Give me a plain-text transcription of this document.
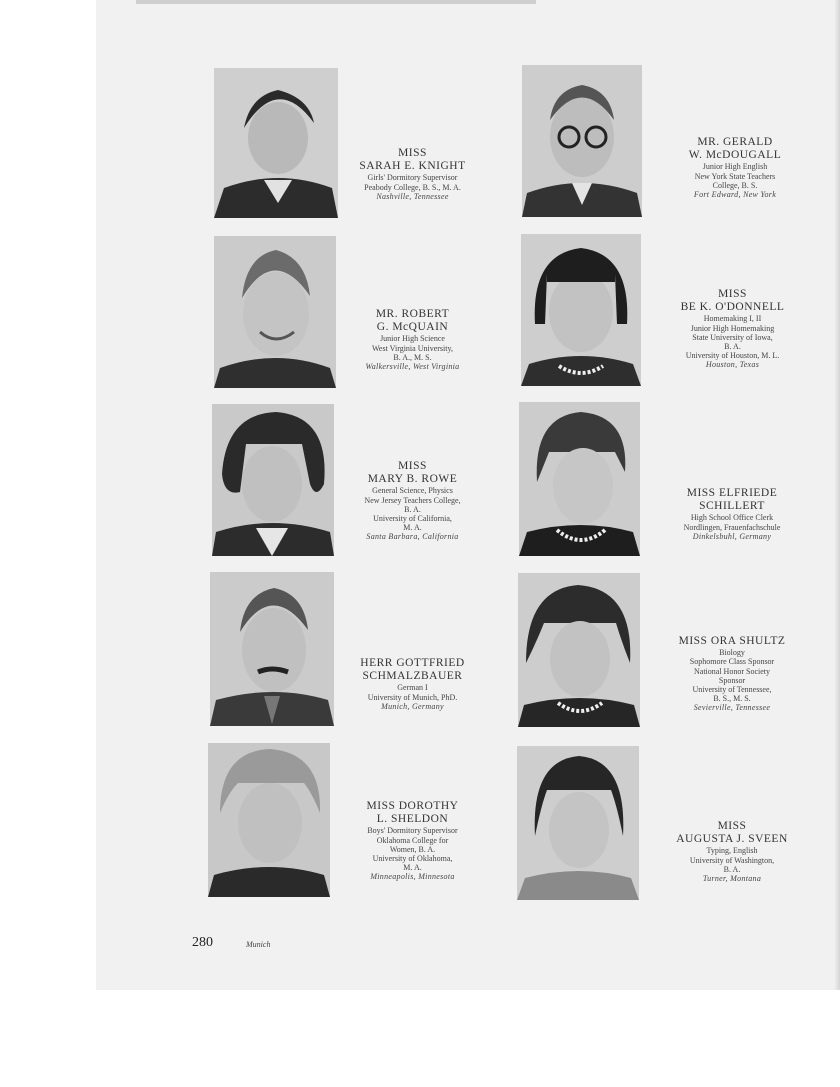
MISS
SARAH E. KNIGHT
Girls' Dormitory Supervisor
Peabody College, B. S., M. A.
Nashville, Tennessee
MR. GERALD
W. McDOUGALL
Junior High English
New York State Teachers
College, B. S.
Fort Edward, New York
MR. ROBERT
G. McQUAIN
Junior High Science
West Virginia University,
B. A., M. S.
Walkersville, West Virginia
MISS
BE K. O'DONNELL
Homemaking I, II
Junior High Homemaking
State University of Iowa,
B. A.
University of Houston, M. L.
Houston, Texas
MISS
MARY B. ROWE
General Science, Physics
New Jersey Teachers College,
B. A.
University of California,
M. A.
Santa Barbara, California
MISS ELFRIEDE
SCHILLERT
High School Office Clerk
Nordlingen, Frauenfachschule
Dinkelsbuhl, Germany
HERR GOTTFRIED
SCHMALZBAUER
German I
University of Munich, PhD.
Munich, Germany
MISS ORA SHULTZ
Biology
Sophomore Class Sponsor
National Honor Society
Sponsor
University of Tennessee,
B. S., M. S.
Sevierville, Tennessee
MISS DOROTHY
L. SHELDON
Boys' Dormitory Supervisor
Oklahoma College for
Women, B. A.
University of Oklahoma,
M. A.
Minneapolis, Minnesota
MISS
AUGUSTA J. SVEEN
Typing, English
University of Washington,
B. A.
Turner, Montana
280	Munich
